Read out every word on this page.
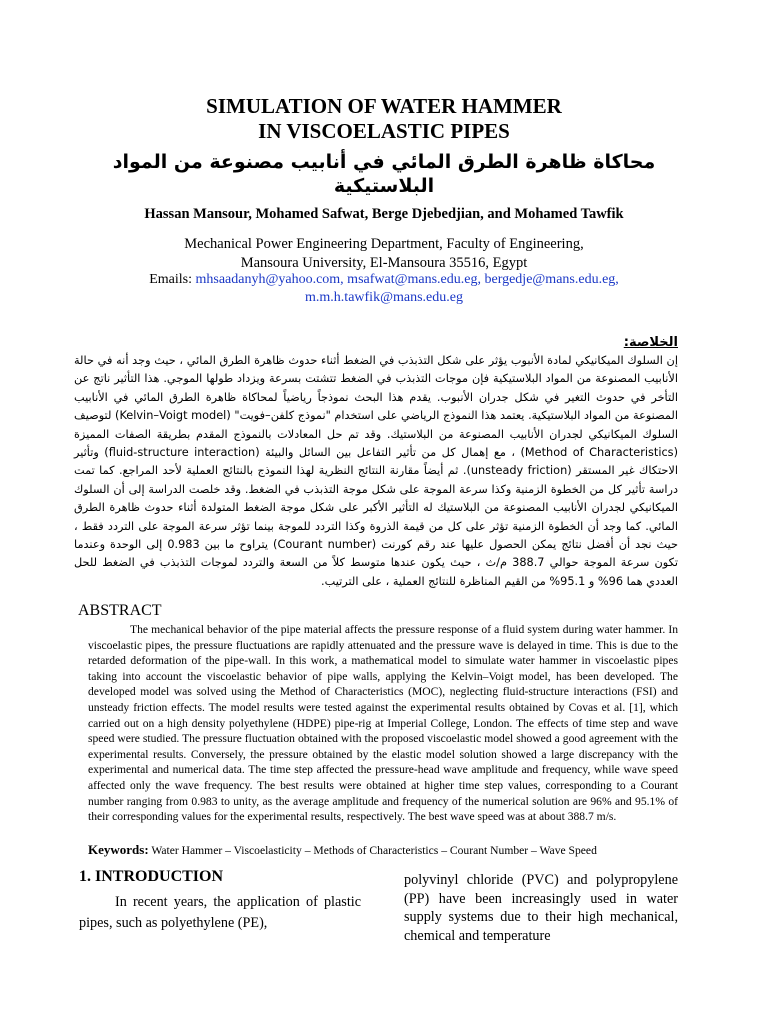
SIMULATION OF WATER HAMMER
IN VISCOELASTIC PIPES
محاكاة ظاهرة الطرق المائي في أنابيب مصنوعة من المواد البلاستيكية
Hassan Mansour, Mohamed Safwat, Berge Djebedjian, and Mohamed Tawfik
Mechanical Power Engineering Department, Faculty of Engineering,
Mansoura University, El-Mansoura 35516, Egypt
Emails: mhsaadanyh@yahoo.com, msafwat@mans.edu.eg, bergedje@mans.edu.eg,
m.m.h.tawfik@mans.edu.eg
الخلاصة:
إن السلوك الميكانيكي لمادة الأنبوب يؤثر على شكل التذبذب في الضغط أثناء حدوث ظاهرة الطرق المائي ، حيث وجد أنه في حالة الأنابيب المصنوعة من المواد البلاستيكية فإن موجات التذبذب في الضغط تتشتت بسرعة ويزداد طولها الموجي. هذا التأثير ناتج عن التأخر في حدوث التغير في شكل جدران الأنبوب. يقدم هذا البحث نموذجاً رياضياً لمحاكاة ظاهرة الطرق المائي في الأنابيب المصنوعة من المواد البلاستيكية. يعتمد هذا النموذج الرياضي على استخدام "نموذج كلفن–فويت" (Kelvin–Voigt model) لتوصيف السلوك الميكانيكي لجدران الأنابيب المصنوعة من البلاستيك. وقد تم حل المعادلات بالنموذج المقدم بطريقة الصفات المميزة (Method of Characteristics) ، مع إهمال كل من تأثير التفاعل بين السائل والبيئة (fluid-structure interaction) وتأثير الاحتكاك غير المستقر (unsteady friction). ثم أيضاً مقارنة النتائج النظرية لهذا النموذج بالنتائج العملية لأحد المراجع. كما تمت دراسة تأثير كل من الخطوة الزمنية وكذا سرعة الموجة على شكل موجة التذبذب في الضغط. وقد خلصت الدراسة إلى أن السلوك الميكانيكي لجدران الأنابيب المصنوعة من البلاستيك له التأثير الأكبر على شكل موجة الضغط المتولدة أثناء حدوث ظاهرة الطرق المائي. كما وجد أن الخطوة الزمنية تؤثر على كل من قيمة الذروة وكذا التردد للموجة بينما تؤثر سرعة الموجة على التردد فقط ، حيث نجد أن أفضل نتائج يمكن الحصول عليها عند رقم كورنت (Courant number) يتراوح ما بين 0.983 إلى الوحدة وعندما تكون سرعة الموجة حوالي 388.7 م/ث ، حيث يكون عندها متوسط كلاً من السعة والتردد لموجات التذبذب في الضغط للحل العددي هما 96% و 95.1% من القيم المناظرة للنتائج العملية ، على الترتيب.
ABSTRACT
The mechanical behavior of the pipe material affects the pressure response of a fluid system during water hammer. In viscoelastic pipes, the pressure fluctuations are rapidly attenuated and the pressure wave is delayed in time. This is due to the retarded deformation of the pipe-wall. In this work, a mathematical model to simulate water hammer in viscoelastic pipes taking into account the viscoelastic behavior of pipe walls, applying the Kelvin–Voigt model, has been developed. The developed model was solved using the Method of Characteristics (MOC), neglecting fluid-structure interactions (FSI) and unsteady friction effects. The model results were tested against the experimental results obtained by Covas et al. [1], which carried out on a high density polyethylene (HDPE) pipe-rig at Imperial College, London. The effects of time step and wave speed were studied. The pressure fluctuation obtained with the proposed viscoelastic model showed a good agreement with the experimental results. Conversely, the pressure obtained by the elastic model solution showed a large discrepancy with the experimental and numerical data. The time step affected the pressure-head wave amplitude and frequency, while wave speed affected only the wave frequency. The best results were obtained at higher time step values, corresponding to a Courant number ranging from 0.983 to unity, as the average amplitude and frequency of the numerical solution are 96% and 95.1% of their corresponding values for the experimental results, respectively. The best wave speed was at about 388.7 m/s.
Keywords: Water Hammer – Viscoelasticity – Methods of Characteristics – Courant Number – Wave Speed
1. INTRODUCTION
In recent years, the application of plastic pipes, such as polyethylene (PE),
polyvinyl chloride (PVC) and polypropylene (PP) have been increasingly used in water supply systems due to their high mechanical, chemical and temperature
